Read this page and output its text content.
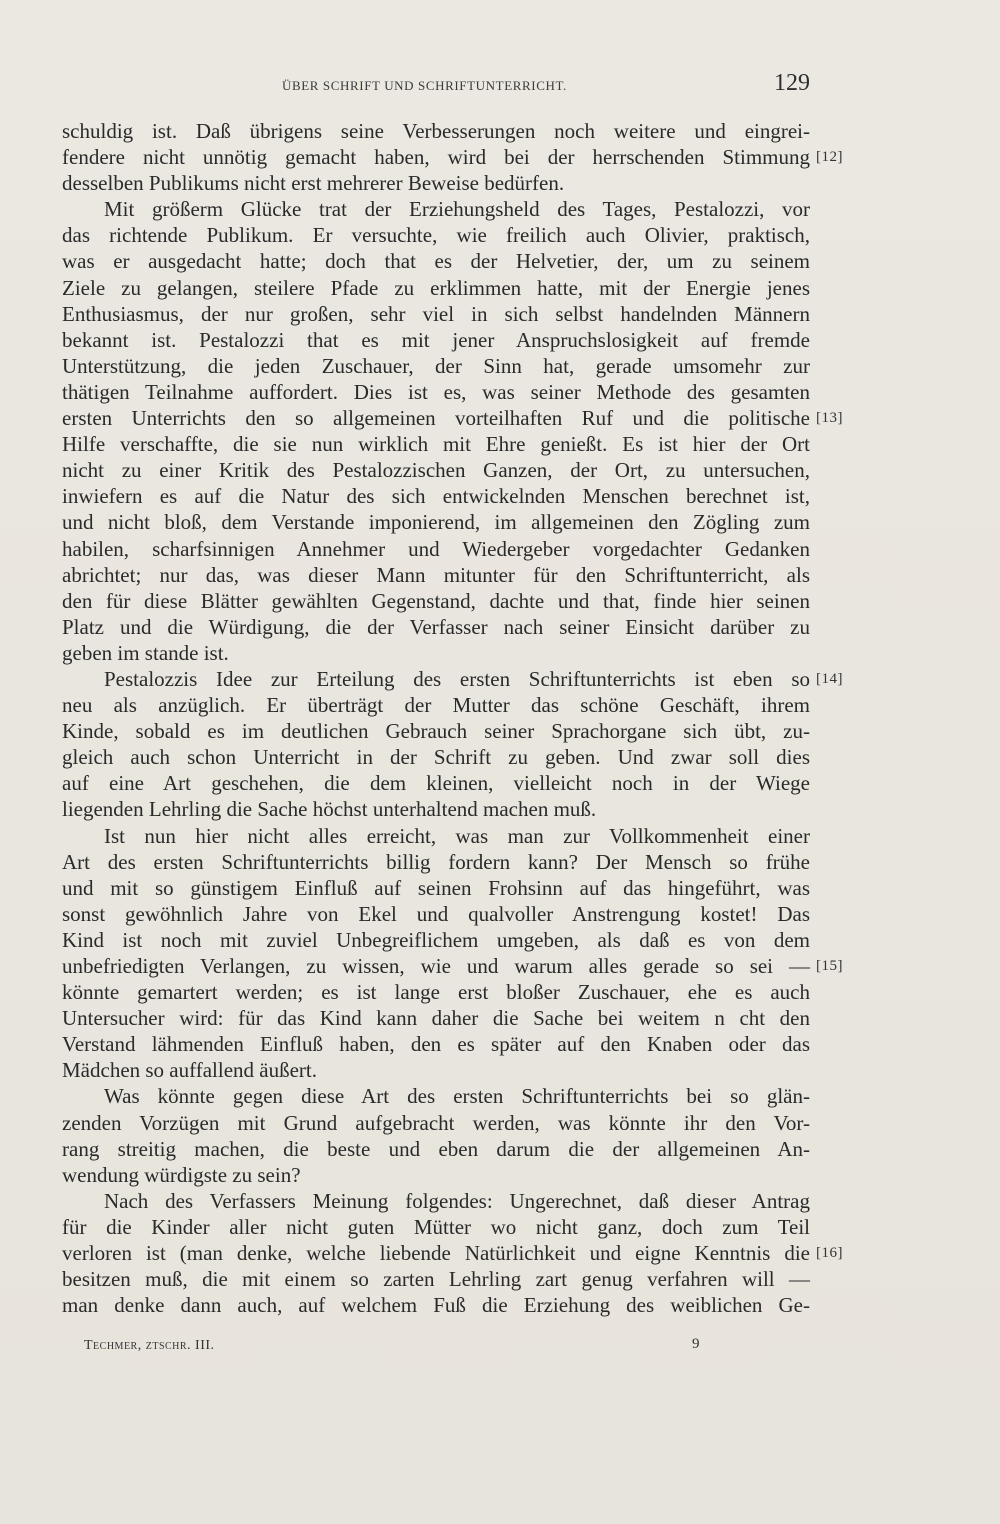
ÜBER SCHRIFT UND SCHRIFTUNTERRICHT.	129
schuldig ist. Daß übrigens seine Verbesserungen noch weitere und eingrei-
fendere nicht unnötig gemacht haben, wird bei der herrschenden Stimmung [12]
desselben Publikums nicht erst mehrerer Beweise bedürfen.
Mit größerm Glücke trat der Erziehungsheld des Tages, Pestalozzi, vor
das richtende Publikum. Er versuchte, wie freilich auch Olivier, praktisch,
was er ausgedacht hatte; doch that es der Helvetier, der, um zu seinem
Ziele zu gelangen, steilere Pfade zu erklimmen hatte, mit der Energie jenes
Enthusiasmus, der nur großen, sehr viel in sich selbst handelnden Männern
bekannt ist. Pestalozzi that es mit jener Anspruchslosigkeit auf fremde
Unterstützung, die jeden Zuschauer, der Sinn hat, gerade umsomehr zur
thätigen Teilnahme auffordert. Dies ist es, was seiner Methode des gesamten
ersten Unterrichts den so allgemeinen vorteilhaften Ruf und die politische [13]
Hilfe verschaffte, die sie nun wirklich mit Ehre genießt. Es ist hier der Ort
nicht zu einer Kritik des Pestalozzischen Ganzen, der Ort, zu untersuchen,
inwiefern es auf die Natur des sich entwickelnden Menschen berechnet ist,
und nicht bloß, dem Verstande imponierend, im allgemeinen den Zögling zum
habilen, scharfsinnigen Annehmer und Wiedergeber vorgedachter Gedanken
abrichtet; nur das, was dieser Mann mitunter für den Schriftunterricht, als
den für diese Blätter gewählten Gegenstand, dachte und that, finde hier seinen
Platz und die Würdigung, die der Verfasser nach seiner Einsicht darüber zu
geben im stande ist.
Pestalozzis Idee zur Erteilung des ersten Schriftunterrichts ist eben so [14]
neu als anzüglich. Er überträgt der Mutter das schöne Geschäft, ihrem
Kinde, sobald es im deutlichen Gebrauch seiner Sprachorgane sich übt, zu-
gleich auch schon Unterricht in der Schrift zu geben. Und zwar soll dies
auf eine Art geschehen, die dem kleinen, vielleicht noch in der Wiege
liegenden Lehrling die Sache höchst unterhaltend machen muß.
Ist nun hier nicht alles erreicht, was man zur Vollkommenheit einer
Art des ersten Schriftunterrichts billig fordern kann? Der Mensch so frühe
und mit so günstigem Einfluß auf seinen Frohsinn auf das hingeführt, was
sonst gewöhnlich Jahre von Ekel und qualvoller Anstrengung kostet! Das
Kind ist noch mit zuviel Unbegreiflichem umgeben, als daß es von dem
unbefriedigten Verlangen, zu wissen, wie und warum alles gerade so sei — [15]
könnte gemartert werden; es ist lange erst bloßer Zuschauer, ehe es auch
Untersucher wird: für das Kind kann daher die Sache bei weitem n cht den
Verstand lähmenden Einfluß haben, den es später auf den Knaben oder das
Mädchen so auffallend äußert.
Was könnte gegen diese Art des ersten Schriftunterrichts bei so glän-
zenden Vorzügen mit Grund aufgebracht werden, was könnte ihr den Vor-
rang streitig machen, die beste und eben darum die der allgemeinen An-
wendung würdigste zu sein?
Nach des Verfassers Meinung folgendes: Ungerechnet, daß dieser Antrag
für die Kinder aller nicht guten Mütter wo nicht ganz, doch zum Teil
verloren ist (man denke, welche liebende Natürlichkeit und eigne Kenntnis die [16]
besitzen muß, die mit einem so zarten Lehrling zart genug verfahren will —
man denke dann auch, auf welchem Fuß die Erziehung des weiblichen Ge-
Techmer, ztschr. III.	9
